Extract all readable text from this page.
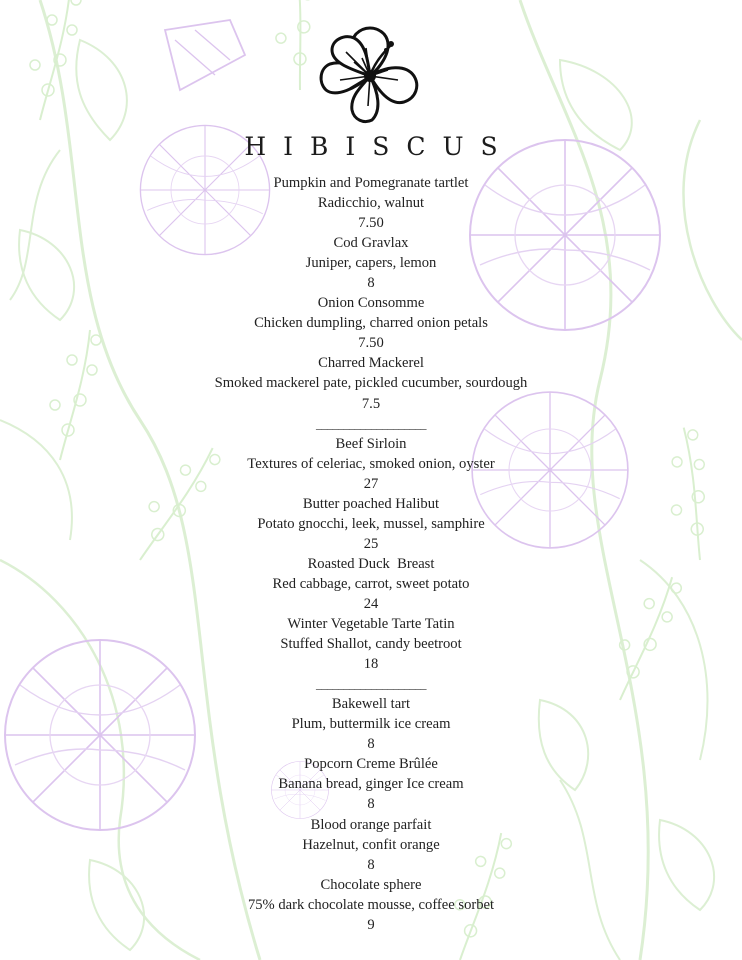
HIBISCUS
Pumpkin and Pomegranate tartlet
Radicchio, walnut
7.50
Cod Gravlax
Juniper, capers, lemon
8
Onion Consomme
Chicken dumpling, charred onion petals
7.50
Charred Mackerel
Smoked mackerel pate, pickled cucumber, sourdough
7.5
____________________
Beef Sirloin
Textures of celeriac, smoked onion, oyster
27
Butter poached Halibut
Potato gnocchi, leek, mussel, samphire
25
Roasted Duck  Breast
Red cabbage, carrot, sweet potato
24
Winter Vegetable Tarte Tatin
Stuffed Shallot, candy beetroot
18
____________________
Bakewell tart
Plum, buttermilk ice cream
8
Popcorn Creme Brûlée
Banana bread, ginger Ice cream
8
Blood orange parfait
Hazelnut, confit orange
8
Chocolate sphere
75% dark chocolate mousse, coffee sorbet
9
